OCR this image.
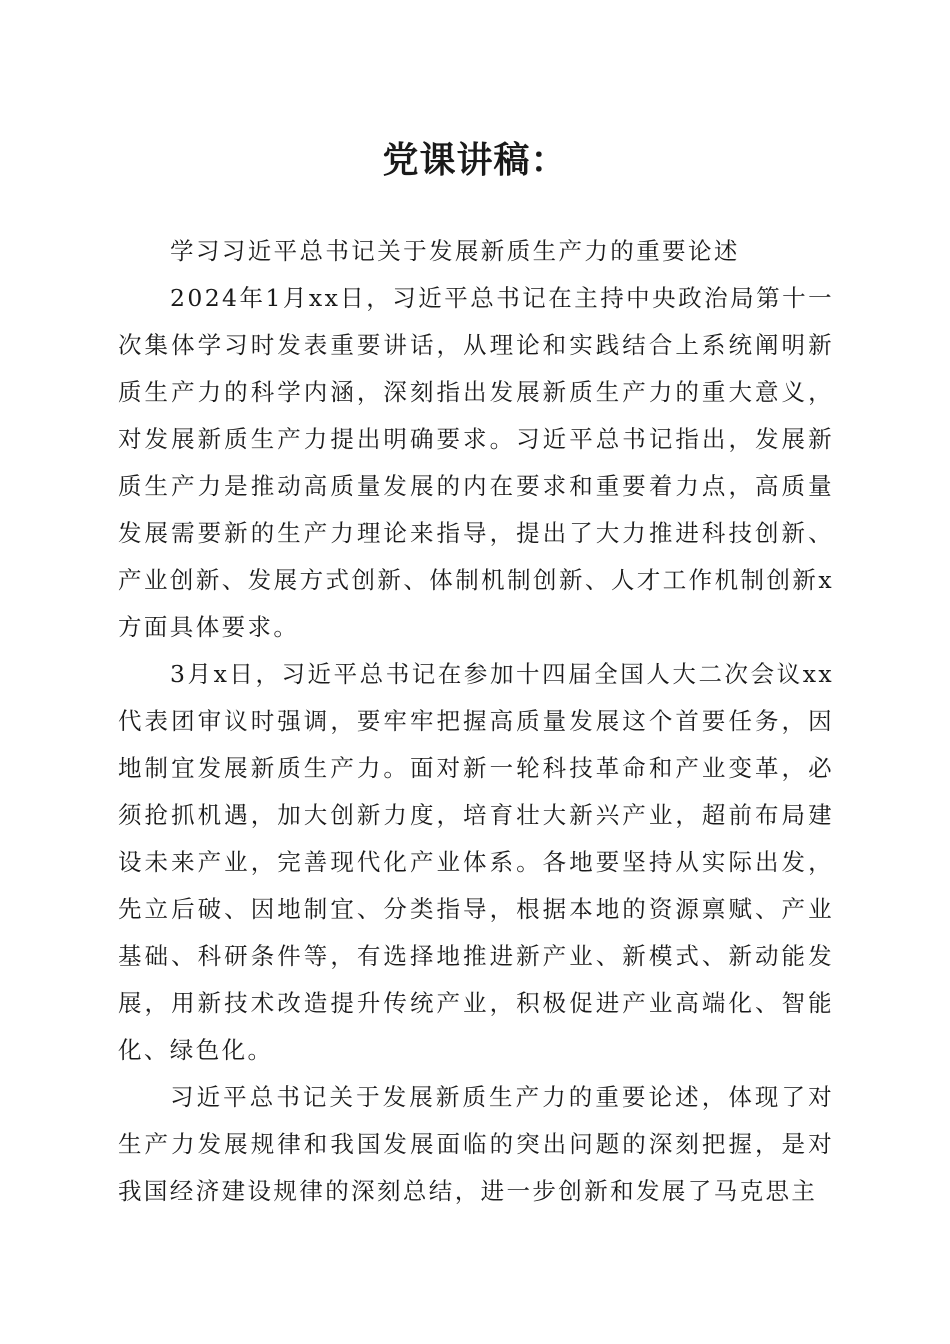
党课讲稿：

学习习近平总书记关于发展新质生产力的重要论述

2024年1月xx日，习近平总书记在主持中央政治局第十一次集体学习时发表重要讲话，从理论和实践结合上系统阐明新质生产力的科学内涵，深刻指出发展新质生产力的重大意义，对发展新质生产力提出明确要求。习近平总书记指出，发展新质生产力是推动高质量发展的内在要求和重要着力点，高质量发展需要新的生产力理论来指导，提出了大力推进科技创新、产业创新、发展方式创新、体制机制创新、人才工作机制创新x方面具体要求。

3月x日，习近平总书记在参加十四届全国人大二次会议xx代表团审议时强调，要牢牢把握高质量发展这个首要任务，因地制宜发展新质生产力。面对新一轮科技革命和产业变革，必须抢抓机遇，加大创新力度，培育壮大新兴产业，超前布局建设未来产业，完善现代化产业体系。各地要坚持从实际出发，先立后破、因地制宜、分类指导，根据本地的资源禀赋、产业基础、科研条件等，有选择地推进新产业、新模式、新动能发展，用新技术改造提升传统产业，积极促进产业高端化、智能化、绿色化。

习近平总书记关于发展新质生产力的重要论述，体现了对生产力发展规律和我国发展面临的突出问题的深刻把握，是对我国经济建设规律的深刻总结，进一步创新和发展了马克思主
